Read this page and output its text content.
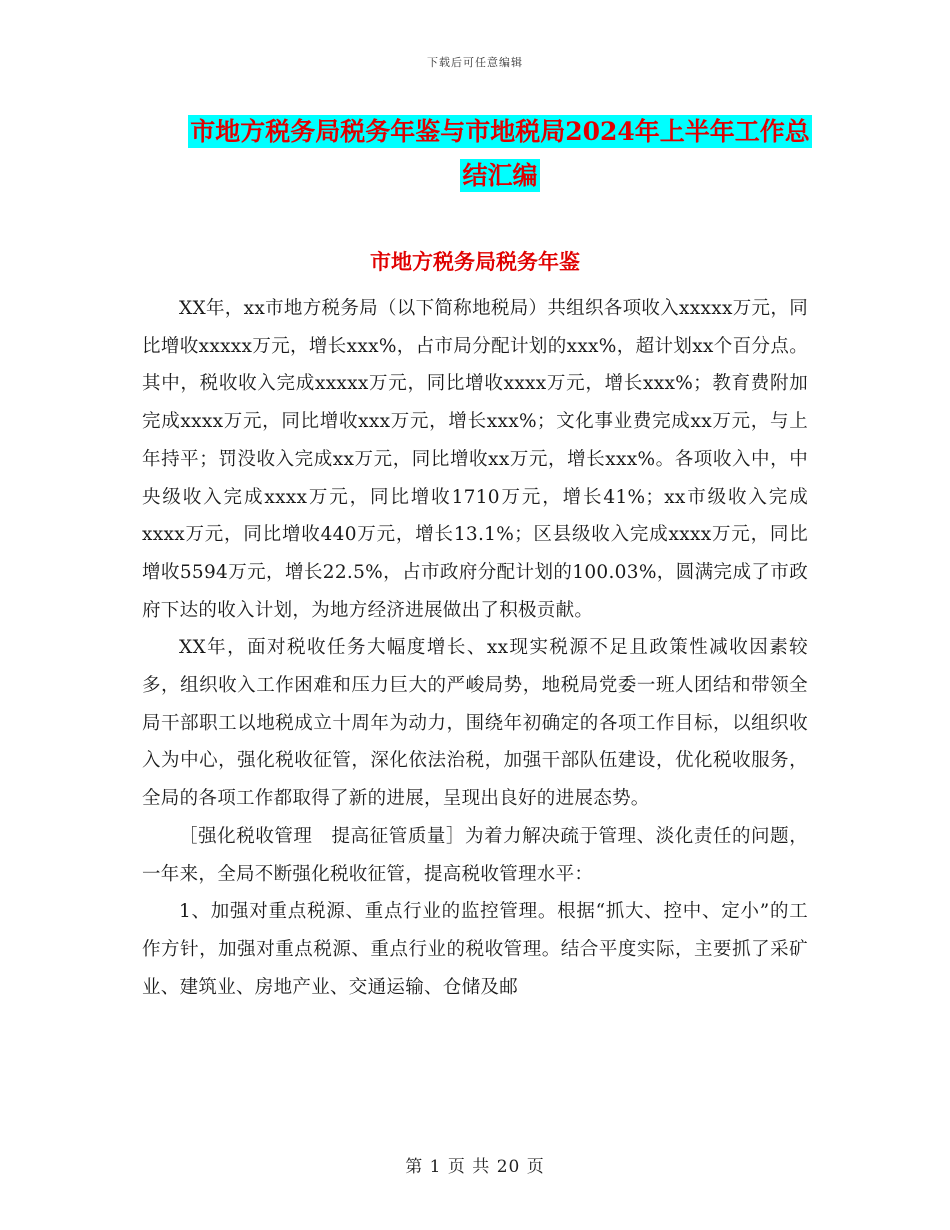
下载后可任意编辑
市地方税务局税务年鉴与市地税局2024年上半年工作总结汇编
市地方税务局税务年鉴

XX年，xx市地方税务局（以下简称地税局）共组织各项收入xxxxx万元，同比增收xxxxx万元，增长xxx%，占市局分配计划的xxx%，超计划xx个百分点。其中，税收收入完成xxxxx万元，同比增收xxxx万元，增长xxx%；教育费附加完成xxxx万元，同比增收xxx万元，增长xxx%；文化事业费完成xx万元，与上年持平；罚没收入完成xx万元，同比增收xx万元，增长xxx%。各项收入中，中央级收入完成xxxx万元，同比增收1710万元，增长41%；xx市级收入完成xxxx万元，同比增收440万元，增长13.1%；区县级收入完成xxxx万元，同比增收5594万元，增长22.5%，占市政府分配计划的100.03%，圆满完成了市政府下达的收入计划，为地方经济进展做出了积极贡献。

XX年，面对税收任务大幅度增长、xx现实税源不足且政策性减收因素较多，组织收入工作困难和压力巨大的严峻局势，地税局党委一班人团结和带领全局干部职工以地税成立十周年为动力，围绕年初确定的各项工作目标，以组织收入为中心，强化税收征管，深化依法治税，加强干部队伍建设，优化税收服务，全局的各项工作都取得了新的进展，呈现出良好的进展态势。

［强化税收管理　提高征管质量］为着力解决疏于管理、淡化责任的问题，一年来，全局不断强化税收征管，提高税收管理水平：

1、加强对重点税源、重点行业的监控管理。根据“抓大、控中、定小”的工作方针，加强对重点税源、重点行业的税收管理。结合平度实际，主要抓了采矿业、建筑业、房地产业、交通运输、仓储及邮

第 1 页 共 20 页
